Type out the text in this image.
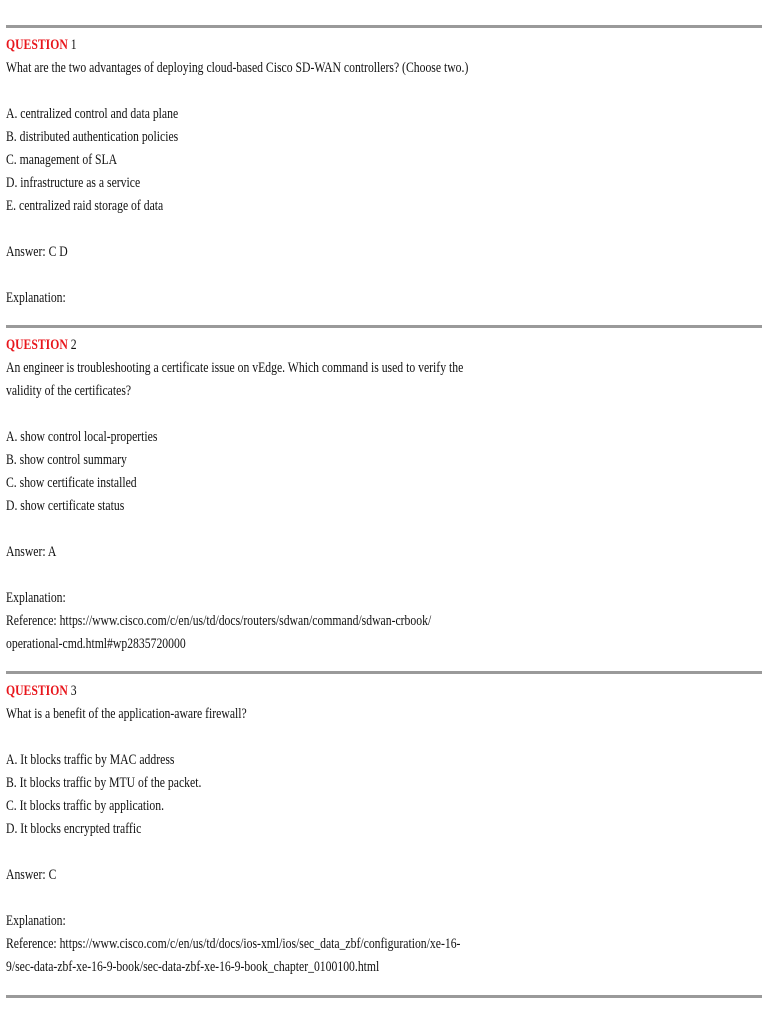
QUESTION 1
What are the two advantages of deploying cloud-based Cisco SD-WAN controllers? (Choose two.)
A. centralized control and data plane
B. distributed authentication policies
C. management of SLA
D. infrastructure as a service
E. centralized raid storage of data
Answer: C D
Explanation:
QUESTION 2
An engineer is troubleshooting a certificate issue on vEdge. Which command is used to verify the
validity of the certificates?
A. show control local-properties
B. show control summary
C. show certificate installed
D. show certificate status
Answer: A
Explanation:
Reference: https://www.cisco.com/c/en/us/td/docs/routers/sdwan/command/sdwan-crbook/
operational-cmd.html#wp2835720000
QUESTION 3
What is a benefit of the application-aware firewall?
A. It blocks traffic by MAC address
B. It blocks traffic by MTU of the packet.
C. It blocks traffic by application.
D. It blocks encrypted traffic
Answer: C
Explanation:
Reference: https://www.cisco.com/c/en/us/td/docs/ios-xml/ios/sec_data_zbf/configuration/xe-16-
9/sec-data-zbf-xe-16-9-book/sec-data-zbf-xe-16-9-book_chapter_0100100.html
